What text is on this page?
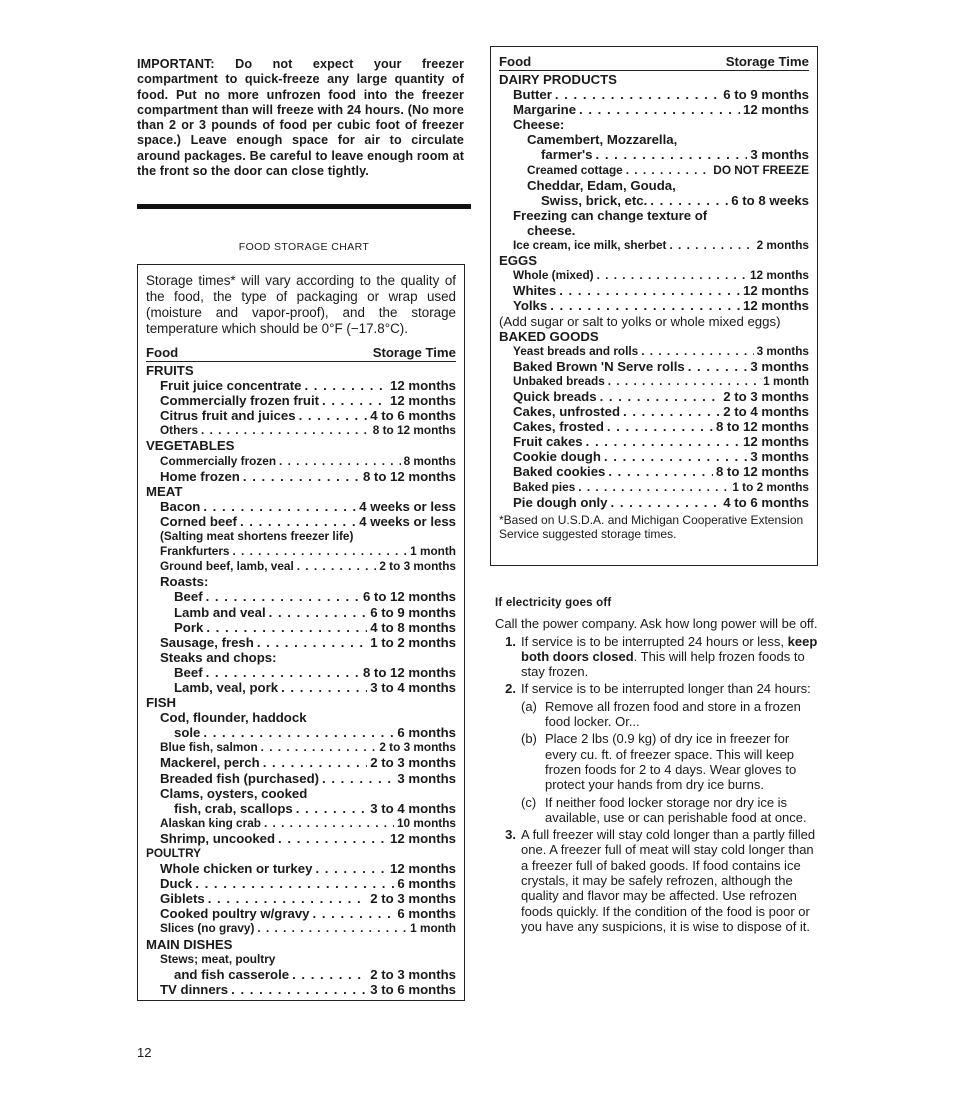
IMPORTANT: Do not expect your freezer compartment to quick-freeze any large quantity of food. Put no more unfrozen food into the freezer compartment than will freeze with 24 hours. (No more than 2 or 3 pounds of food per cubic foot of freezer space.) Leave enough space for air to circulate around packages. Be careful to leave enough room at the front so the door can close tightly.
FOOD STORAGE CHART
Storage times* will vary according to the quality of the food, the type of packaging or wrap used (moisture and vapor-proof), and the storage temperature which should be 0°F (−17.8°C).
Food	Storage Time
FRUITS
Fruit juice concentrate . . .	12 months
Commercially frozen fruit . . .	12 months
Citrus fruit and juices . . .	4 to 6 months
Others . . .	8 to 12 months
VEGETABLES
Commercially frozen . . .	8 months
Home frozen . . .	8 to 12 months
MEAT
Bacon . . .	4 weeks or less
Corned beef . . .	4 weeks or less
(Salting meat shortens freezer life)
Frankfurters . . .	1 month
Ground beef, lamb, veal . . .	2 to 3 months
Roasts:
Beef . . .	6 to 12 months
Lamb and veal . . .	6 to 9 months
Pork . . .	4 to 8 months
Sausage, fresh . . .	1 to 2 months
Steaks and chops:
Beef . . .	8 to 12 months
Lamb, veal, pork . . .	3 to 4 months
FISH
Cod, flounder, haddock
sole . . .	6 months
Blue fish, salmon . . .	2 to 3 months
Mackerel, perch . . .	2 to 3 months
Breaded fish (purchased) . . .	3 months
Clams, oysters, cooked
fish, crab, scallops . . .	3 to 4 months
Alaskan king crab . . .	10 months
Shrimp, uncooked . . .	12 months
POULTRY
Whole chicken or turkey . . .	12 months
Duck . . .	6 months
Giblets . . .	2 to 3 months
Cooked poultry w/gravy . . .	6 months
Slices (no gravy) . . .	1 month
MAIN DISHES
Stews; meat, poultry
and fish casserole . . .	2 to 3 months
TV dinners . . .	3 to 6 months
Food	Storage Time
DAIRY PRODUCTS
Butter . . .	6 to 9 months
Margarine . . .	12 months
Cheese:
Camembert, Mozzarella,
farmer's . . .	3 months
Creamed cottage . . .	DO NOT FREEZE
Cheddar, Edam, Gouda,
Swiss, brick, etc. . . .	6 to 8 weeks
Freezing can change texture of
cheese.
Ice cream, ice milk, sherbet . . .	2 months
EGGS
Whole (mixed) . . .	12 months
Whites . . .	12 months
Yolks . . .	12 months
(Add sugar or salt to yolks or whole mixed eggs)
BAKED GOODS
Yeast breads and rolls . . .	3 months
Baked Brown 'N Serve rolls . . .	3 months
Unbaked breads . . .	1 month
Quick breads . . .	2 to 3 months
Cakes, unfrosted . . .	2 to 4 months
Cakes, frosted . . .	8 to 12 months
Fruit cakes . . .	12 months
Cookie dough . . .	3 months
Baked cookies . . .	8 to 12 months
Baked pies . . .	1 to 2 months
Pie dough only . . .	4 to 6 months
*Based on U.S.D.A. and Michigan Cooperative Extension Service suggested storage times.
If electricity goes off

Call the power company. Ask how long power will be off.

1. If service is to be interrupted 24 hours or less, keep both doors closed. This will help frozen foods to stay frozen.
2. If service is to be interrupted longer than 24 hours:
(a) Remove all frozen food and store in a frozen food locker. Or...
(b) Place 2 lbs (0.9 kg) of dry ice in freezer for every cu. ft. of freezer space. This will keep frozen foods for 2 to 4 days. Wear gloves to protect your hands from dry ice burns.
(c) If neither food locker storage nor dry ice is available, use or can perishable food at once.
3. A full freezer will stay cold longer than a partly filled one. A freezer full of meat will stay cold longer than a freezer full of baked goods. If food contains ice crystals, it may be safely refrozen, although the quality and flavor may be affected. Use refrozen foods quickly. If the condition of the food is poor or you have any suspicions, it is wise to dispose of it.
12
